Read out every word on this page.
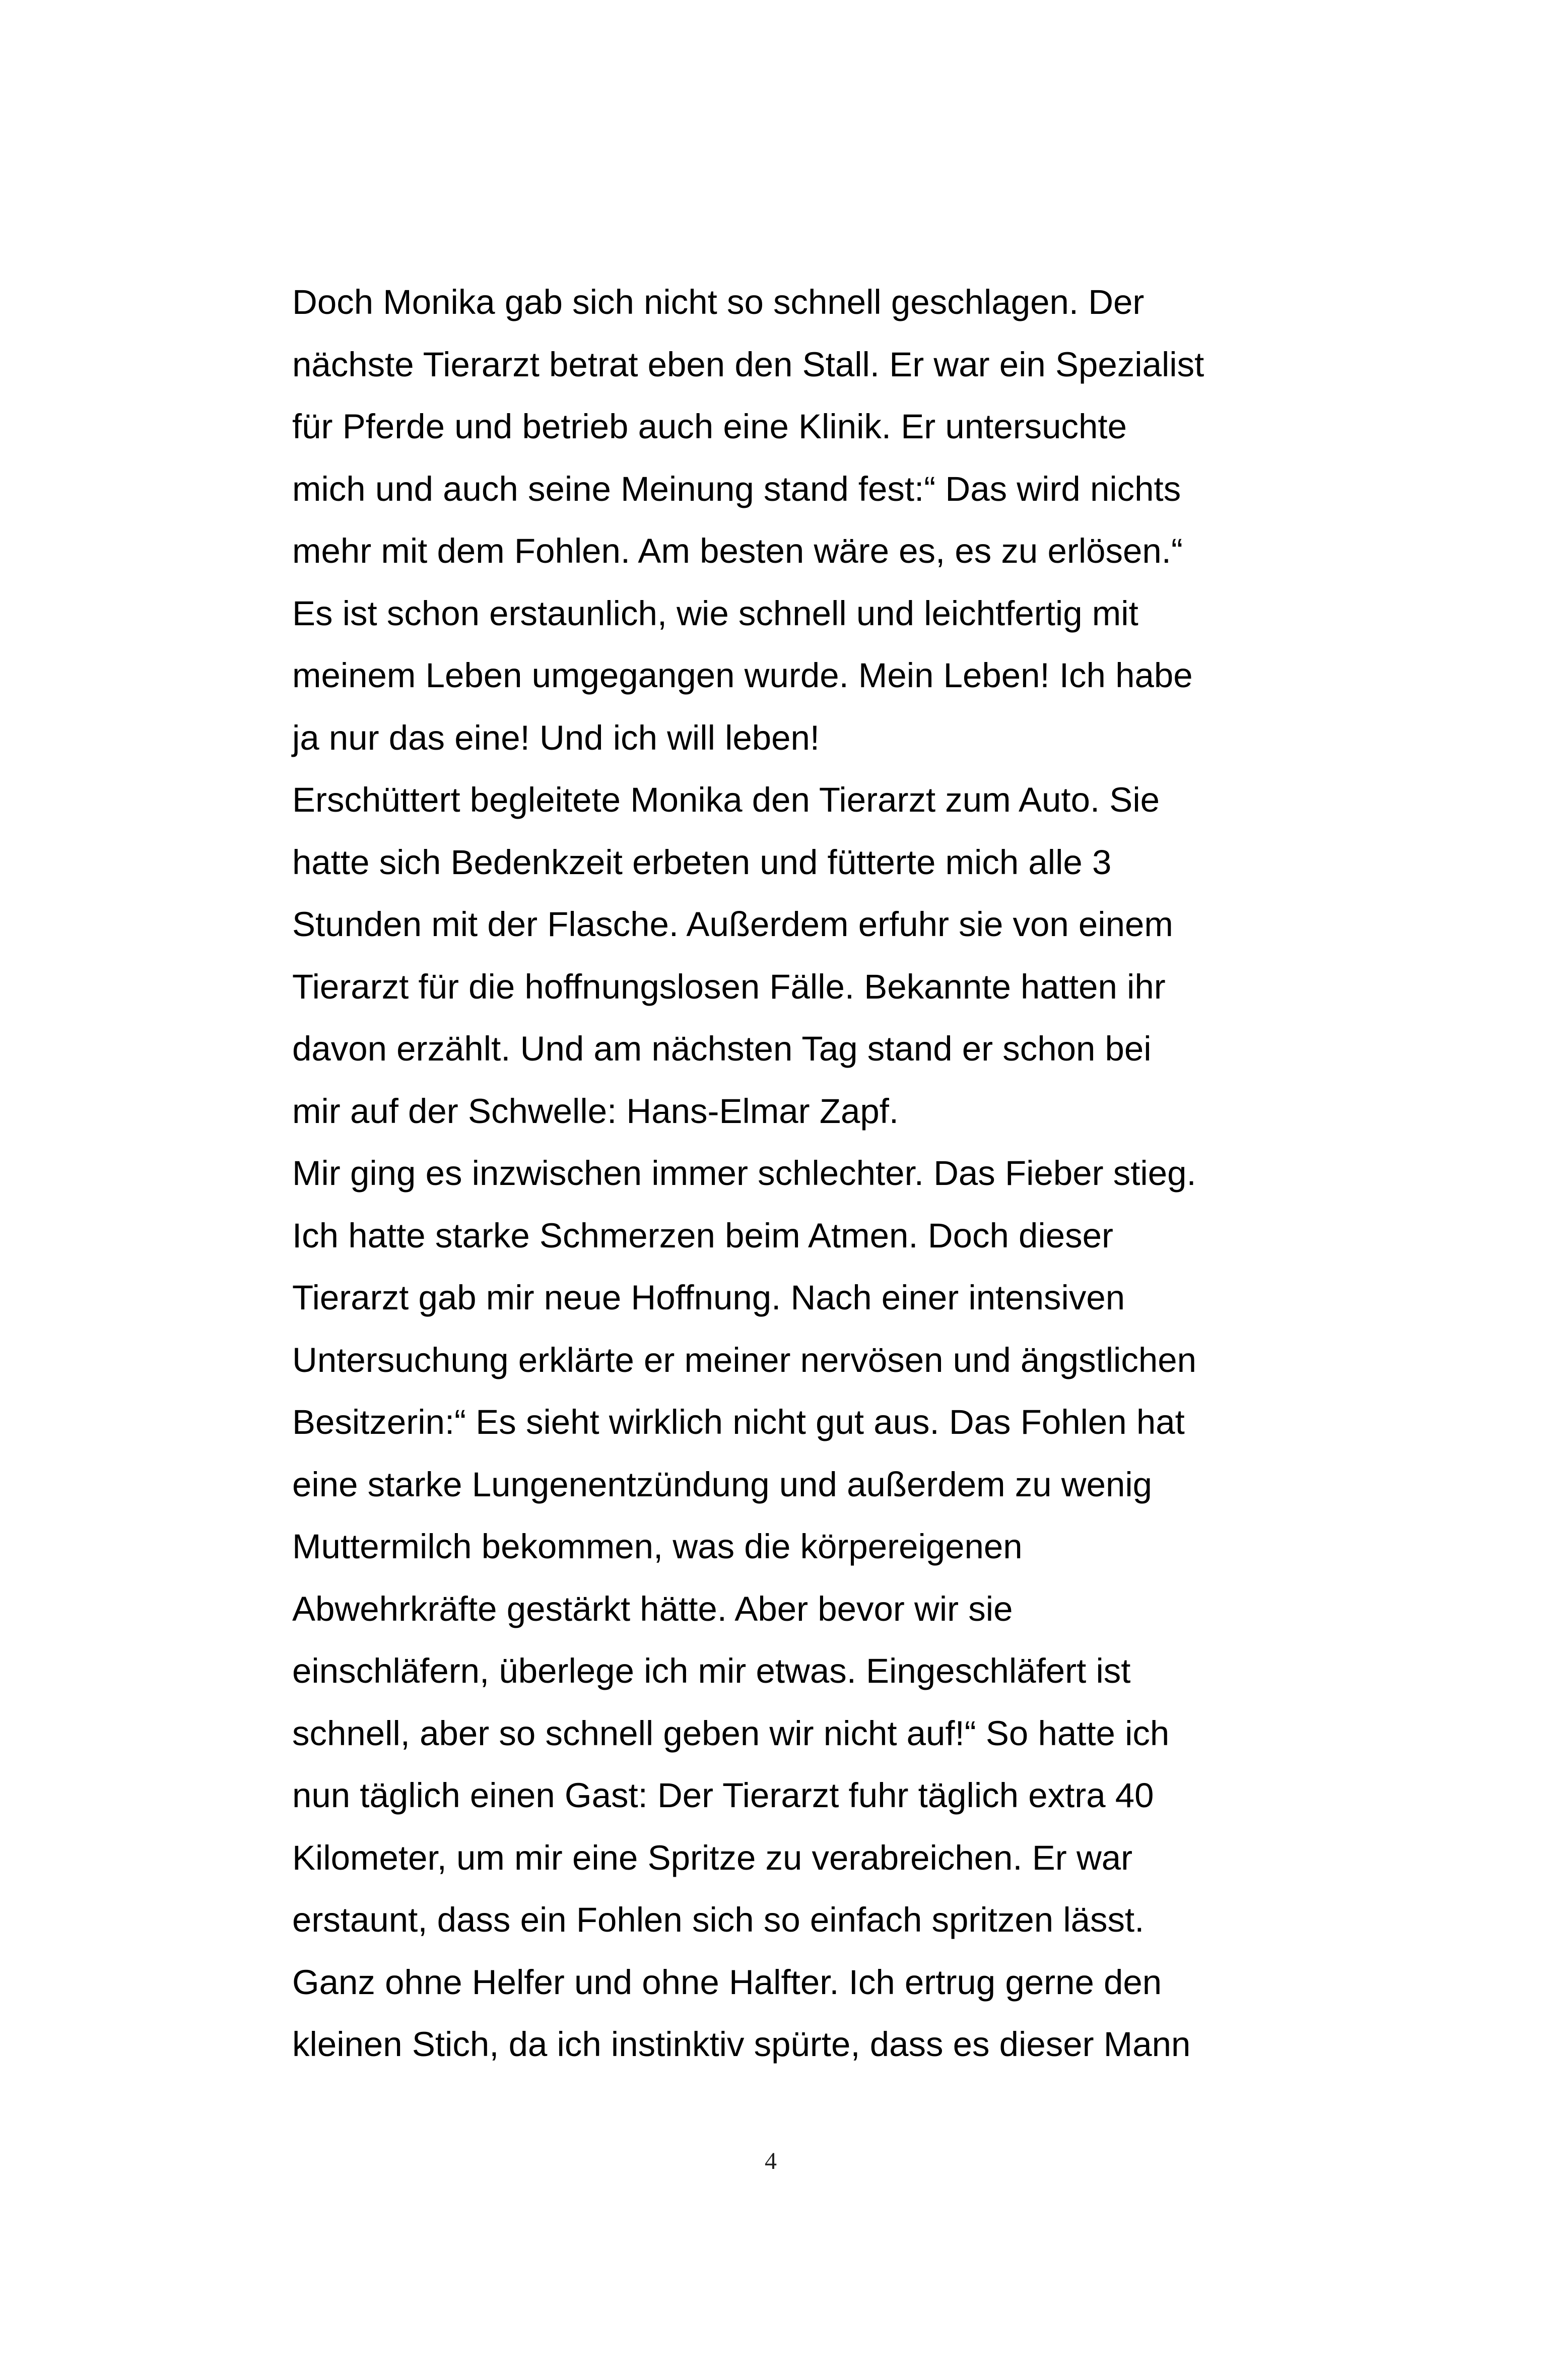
Doch Monika gab sich nicht so schnell geschlagen. Der
nächste Tierarzt betrat eben den Stall. Er war ein Spezialist
für Pferde und betrieb auch eine Klinik. Er untersuchte
mich und auch seine Meinung stand fest:“ Das wird nichts
mehr mit dem Fohlen. Am besten wäre es, es zu erlösen.“
Es ist schon erstaunlich, wie schnell und leichtfertig mit
meinem Leben umgegangen wurde. Mein Leben! Ich habe
ja nur das eine! Und ich will leben!
Erschüttert begleitete Monika den Tierarzt zum Auto. Sie
hatte sich Bedenkzeit erbeten und fütterte mich alle 3
Stunden mit der Flasche. Außerdem erfuhr sie von einem
Tierarzt für die hoffnungslosen Fälle. Bekannte hatten ihr
davon erzählt. Und am nächsten Tag stand er schon bei
mir auf der Schwelle: Hans-Elmar Zapf.
Mir ging es inzwischen immer schlechter. Das Fieber stieg.
Ich hatte starke Schmerzen beim Atmen. Doch dieser
Tierarzt gab mir neue Hoffnung. Nach einer intensiven
Untersuchung erklärte er meiner nervösen und ängstlichen
Besitzerin:“ Es sieht wirklich nicht gut aus. Das Fohlen hat
eine starke Lungenentzündung und außerdem zu wenig
Muttermilch bekommen, was die körpereigenen
Abwehrkräfte gestärkt hätte. Aber bevor wir sie
einschläfern, überlege ich mir etwas. Eingeschläfert ist
schnell, aber so schnell geben wir nicht auf!“ So hatte ich
nun täglich einen Gast: Der Tierarzt fuhr täglich extra 40
Kilometer, um mir eine Spritze zu verabreichen. Er war
erstaunt, dass ein Fohlen sich so einfach spritzen lässt.
Ganz ohne Helfer und ohne Halfter. Ich ertrug gerne den
kleinen Stich, da ich instinktiv spürte, dass es dieser Mann
4
